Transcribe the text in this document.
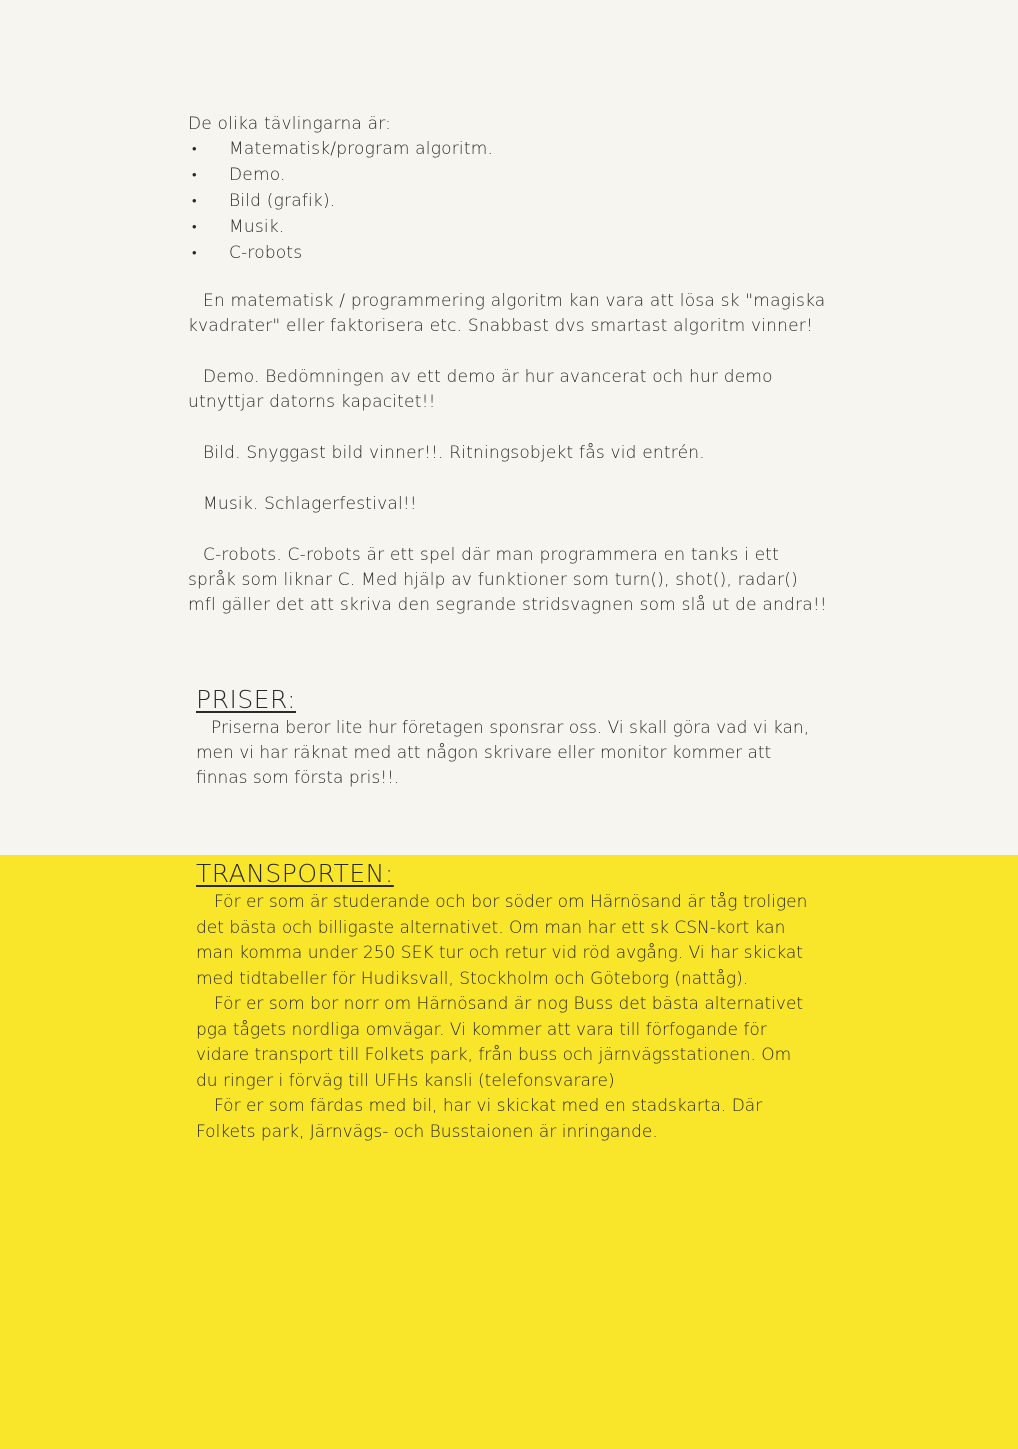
De olika tävlingarna är:

• Matematisk/program algoritm.
• Demo.
• Bild (grafik).
• Musik.
• C-robots

En matematisk / programmering algoritm kan vara att lösa sk "magiska kvadrater" eller faktorisera etc. Snabbast dvs smartast algoritm vinner!

Demo. Bedömningen av ett demo är hur avancerat och hur demo utnyttjar datorns kapacitet!!

Bild. Snyggast bild vinner!!. Ritningsobjekt fås vid entrén.

Musik. Schlagerfestival!!

C-robots. C-robots är ett spel där man programmera en tanks i ett språk som liknar C. Med hjälp av funktioner som turn(), shot(), radar() mfl gäller det att skriva den segrande stridsvagnen som slå ut de andra!!

PRISER:

Priserna beror lite hur företagen sponsrar oss. Vi skall göra vad vi kan, men vi har räknat med att någon skrivare eller monitor kommer att finnas som första pris!!.

TRANSPORTEN:

För er som är studerande och bor söder om Härnösand är tåg troligen det bästa och billigaste alternativet. Om man har ett sk CSN-kort kan man komma under 250 SEK tur och retur vid röd avgång. Vi har skickat med tidtabeller för Hudiksvall, Stockholm och Göteborg (nattåg).

För er som bor norr om Härnösand är nog Buss det bästa alternativet pga tågets nordliga omvägar. Vi kommer att vara till förfogande för vidare transport till Folkets park, från buss och järnvägsstationen. Om du ringer i förväg till UFHs kansli (telefonsvarare)

För er som färdas med bil, har vi skickat med en stadskarta. Där Folkets park, Järnvägs- och Busstaionen är inringande.
